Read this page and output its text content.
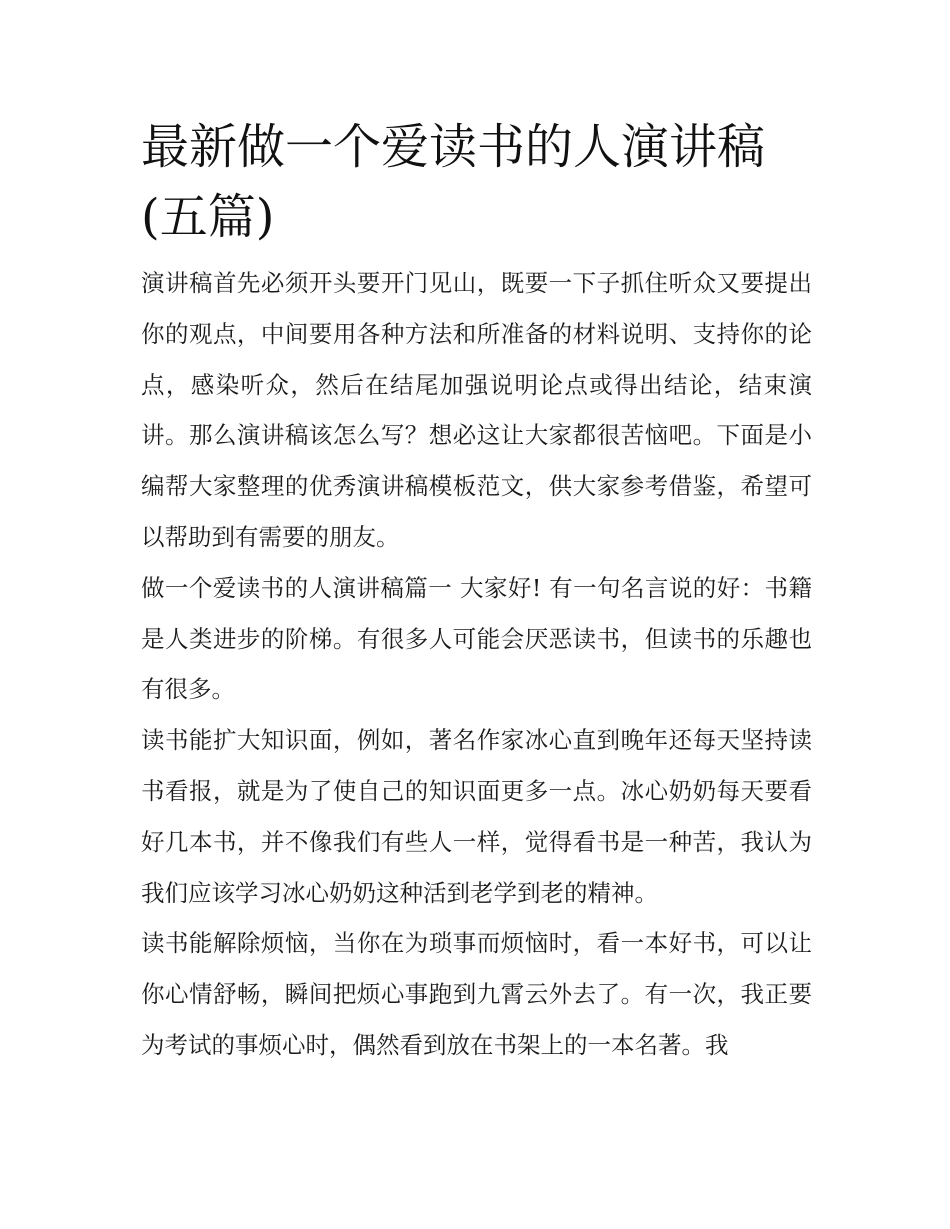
最新做一个爱读书的人演讲稿
(五篇)

演讲稿首先必须开头要开门见山，既要一下子抓住听众又要提出你的观点，中间要用各种方法和所准备的材料说明、支持你的论点，感染听众，然后在结尾加强说明论点或得出结论，结束演讲。那么演讲稿该怎么写？想必这让大家都很苦恼吧。下面是小编帮大家整理的优秀演讲稿模板范文，供大家参考借鉴，希望可以帮助到有需要的朋友。

做一个爱读书的人演讲稿篇一 大家好! 有一句名言说的好：书籍是人类进步的阶梯。有很多人可能会厌恶读书，但读书的乐趣也有很多。

读书能扩大知识面，例如，著名作家冰心直到晚年还每天坚持读书看报，就是为了使自己的知识面更多一点。冰心奶奶每天要看好几本书，并不像我们有些人一样，觉得看书是一种苦，我认为我们应该学习冰心奶奶这种活到老学到老的精神。

读书能解除烦恼，当你在为琐事而烦恼时，看一本好书，可以让你心情舒畅，瞬间把烦心事跑到九霄云外去了。有一次，我正要为考试的事烦心时，偶然看到放在书架上的一本名著。我
